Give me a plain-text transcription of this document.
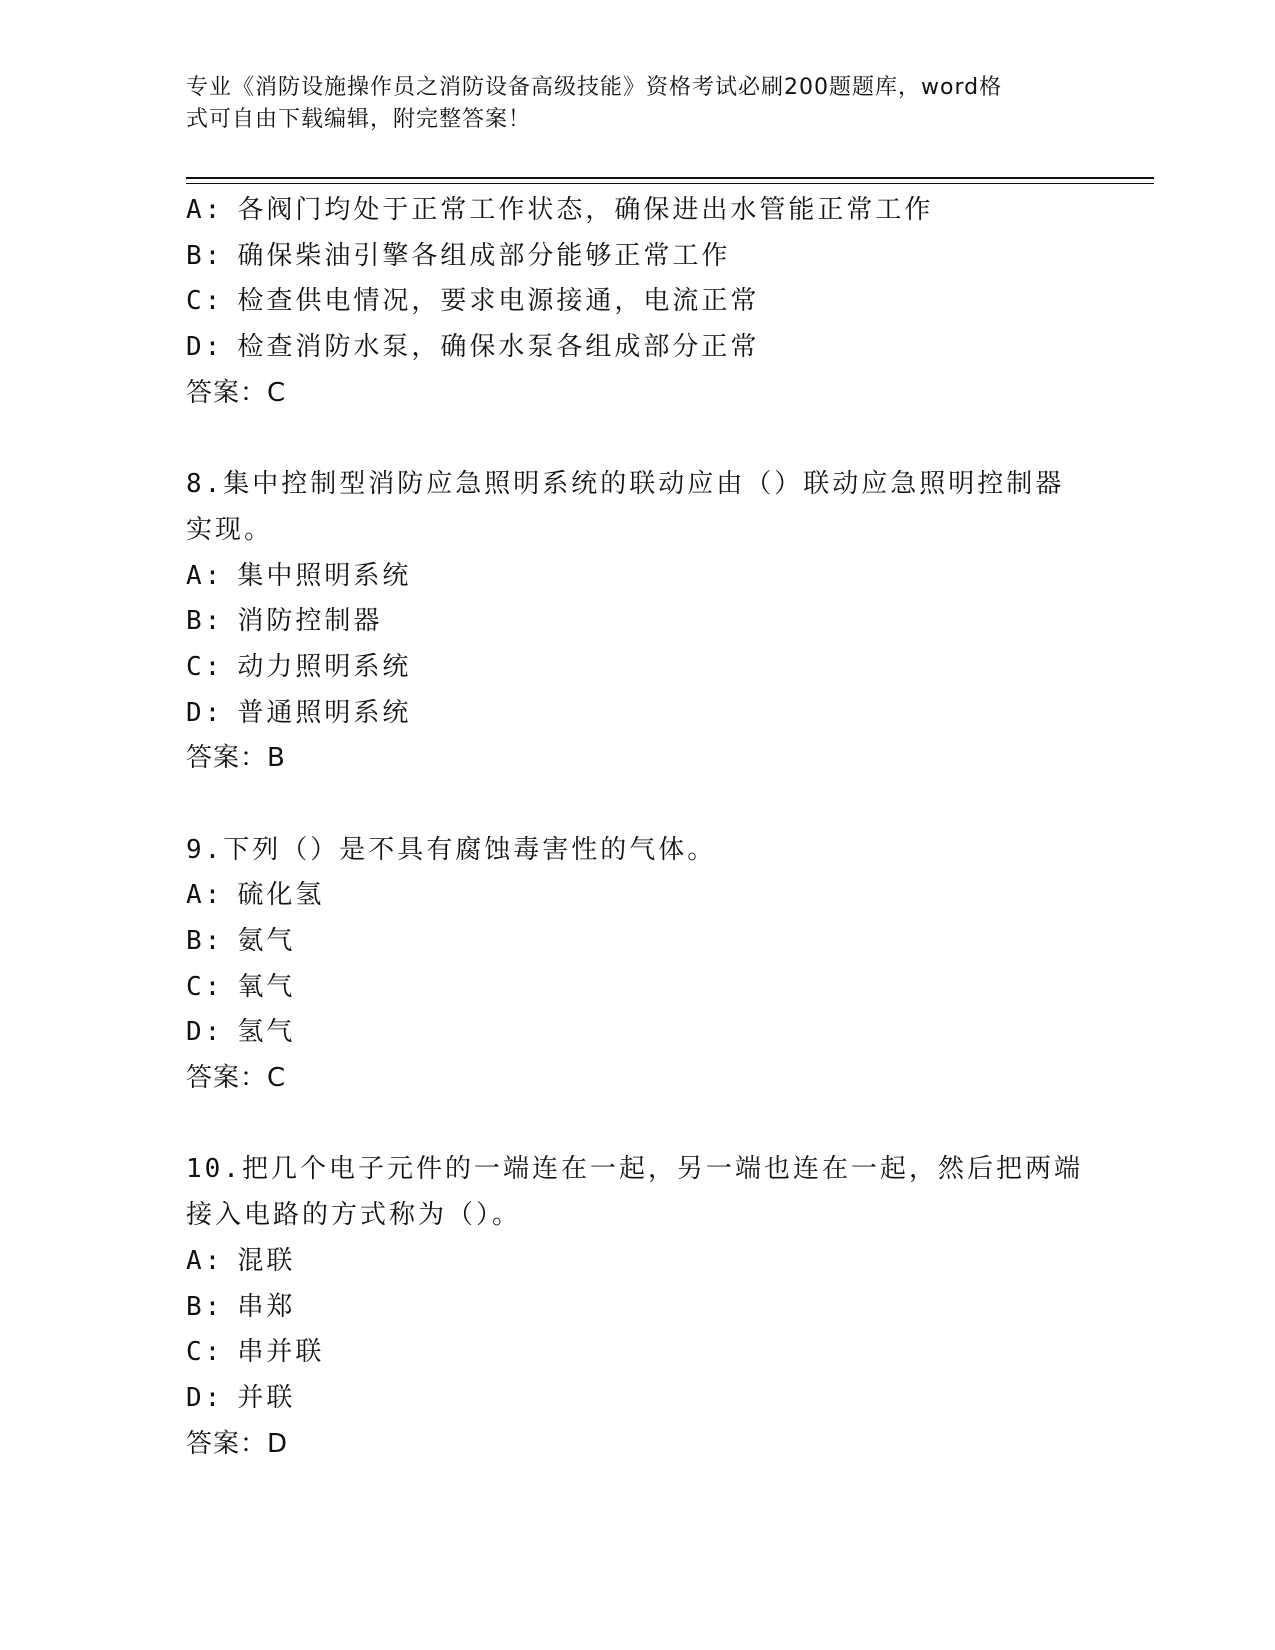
专业《消防设施操作员之消防设备高级技能》资格考试必刷200题题库，word格
式可自由下载编辑，附完整答案！
A: 各阀门均处于正常工作状态，确保进出水管能正常工作
B: 确保柴油引擎各组成部分能够正常工作
C: 检查供电情况，要求电源接通，电流正常
D: 检查消防水泵，确保水泵各组成部分正常
答案：C
8.集中控制型消防应急照明系统的联动应由（）联动应急照明控制器
实现。
A: 集中照明系统
B: 消防控制器
C: 动力照明系统
D: 普通照明系统
答案：B
9.下列（）是不具有腐蚀毒害性的气体。
A: 硫化氢
B: 氨气
C: 氧气
D: 氢气
答案：C
10.把几个电子元件的一端连在一起，另一端也连在一起，然后把两端
接入电路的方式称为（）。
A: 混联
B: 串郑
C: 串并联
D: 并联
答案：D
